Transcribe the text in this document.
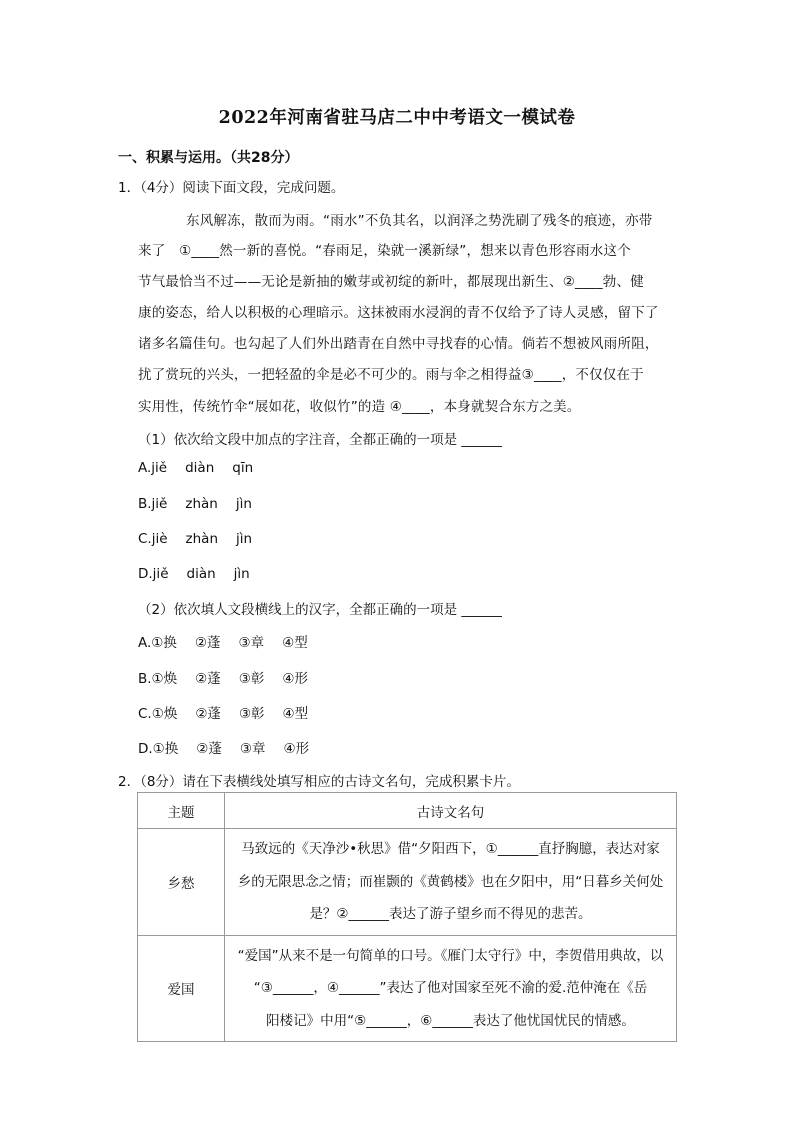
2022年河南省驻马店二中中考语文一模试卷
一、积累与运用。（共28分）
1．（4分）阅读下面文段，完成问题。
东风解冻，散而为雨。“雨水”不负其名，以润泽之势洗刷了残冬的痕迹，亦带
来了　①____然一新的喜悦。“春雨足，染就一溪新绿”，想来以青色形容雨水这个
节气最恰当不过——无论是新抽的嫩芽或初绽的新叶，都展现出新生、②____勃、健
康的姿态，给人以积极的心理暗示。这抹被雨水浸润的青不仅给予了诗人灵感，留下了
诸多名篇佳句。也勾起了人们外出踏青在自然中寻找春的心情。倘若不想被风雨所阻，
扰了赏玩的兴头，一把轻盈的伞是必不可少的。雨与伞之相得益③____，不仅仅在于
实用性，传统竹伞“展如花，收似竹”的造 ④____，本身就契合东方之美。
（1）依次给文段中加点的字注音，全都正确的一项是 ______
A.jiě diàn qīn
B.jiě zhàn jìn
C.jiè zhàn jìn
D.jiě diàn jìn
（2）依次填人文段横线上的汉字，全都正确的一项是 ______
A.①换 ②蓬 ③章 ④型
B.①焕 ②蓬 ③彰 ④形
C.①焕 ②蓬 ③彰 ④型
D.①换 ②蓬 ③章 ④形
2．（8分）请在下表横线处填写相应的古诗文名句，完成积累卡片。
主题	古诗文名句
乡愁	马致远的《天净沙•秋思》借“夕阳西下，①______直抒胸臆，表达对家
乡的无限思念之情；而崔颢的《黄鹤楼》也在夕阳中，用“日暮乡关何处
是？②______表达了游子望乡而不得见的悲苦。

爱国	“爱国”从来不是一句简单的口号。《雁门太守行》中，李贺借用典故，以
“③______，④______”表达了他对国家至死不渝的爱.范仲淹在《岳
阳楼记》中用“⑤______，⑥______表达了他忧国忧民的情感。
